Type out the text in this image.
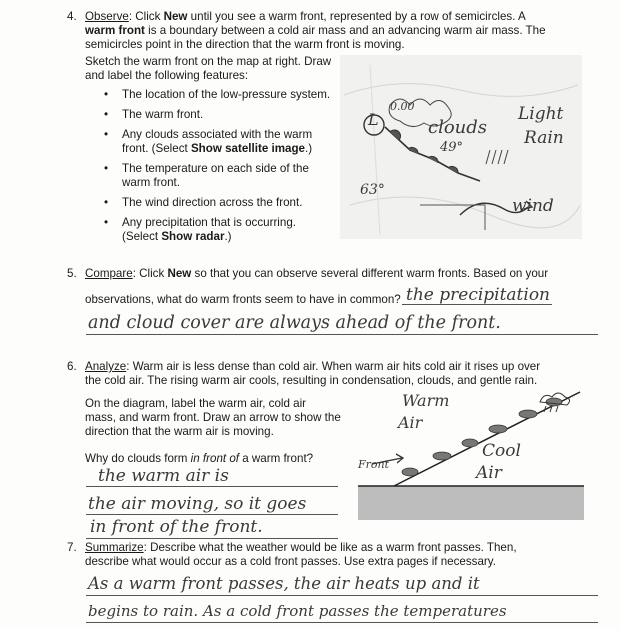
4. Observe: Click New until you see a warm front, represented by a row of semicircles. A
warm front is a boundary between a cold air mass and an advancing warm air mass. The
semicircles point in the direction that the warm front is moving.
Sketch the warm front on the map at right. Draw
and label the following features:
• The location of the low-pressure system.
• The warm front.
• Any clouds associated with the warm
front. (Select Show satellite image.)
• The temperature on each side of the
warm front.
• The wind direction across the front.
• Any precipitation that is occurring.
(Select Show radar.)
L
0.00
clouds
49°
63°
Light
Rain
wind
5. Compare: Click New so that you can observe several different warm fronts. Based on your
observations, what do warm fronts seem to have in common? the precipitation
and cloud cover are always ahead of the front.
6. Analyze: Warm air is less dense than cold air. When warm air hits cold air it rises up over
the cold air. The rising warm air cools, resulting in condensation, clouds, and gentle rain.
On the diagram, label the warm air, cold air
mass, and warm front. Draw an arrow to show the
direction that the warm air is moving.
Why do clouds form in front of a warm front?
the warm air is
the air moving, so it goes
in front of the front.
Warm
Air
Front
Cool
Air
7. Summarize: Describe what the weather would be like as a warm front passes. Then,
describe what would occur as a cold front passes. Use extra pages if necessary.
As a warm front passes, the air heats up and it
begins to rain. As a cold front passes the temperatures
